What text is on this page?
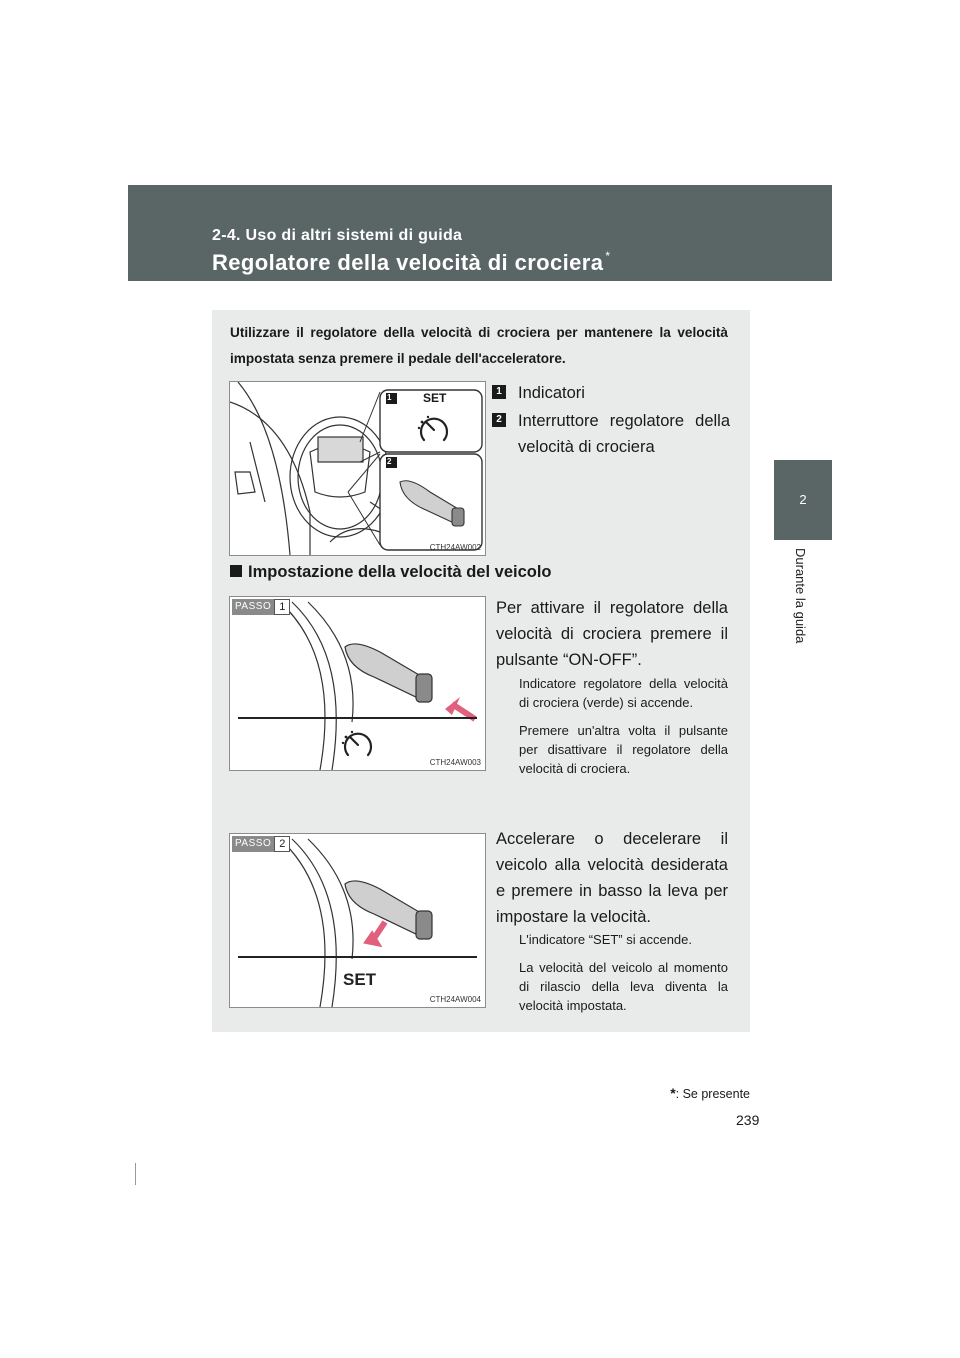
2-4. Uso di altri sistemi di guida
Regolatore della velocità di crociera *
2
Durante la guida
Utilizzare il regolatore della velocità di crociera per mantenere la velocità impostata senza premere il pedale dell'acceleratore.
1
2
SET
CTH24AW002
1 Indicatori
2 Interruttore regolatore della velocità di crociera
Impostazione della velocità del veicolo
PASSO 1
CTH24AW003
Per attivare il regolatore della velocità di crociera premere il pulsante “ON-OFF”.

Indicatore regolatore della velocità di crociera (verde) si accende.

Premere un'altra volta il pulsante per disattivare il regolatore della velocità di crociera.

SET
PASSO 2
CTH24AW004
Accelerare o decelerare il veicolo alla velocità desiderata e premere in basso la leva per impostare la velocità.

L'indicatore “SET” si accende.

La velocità del veicolo al momento di rilascio della leva diventa la velocità impostata.

*: Se presente
239
